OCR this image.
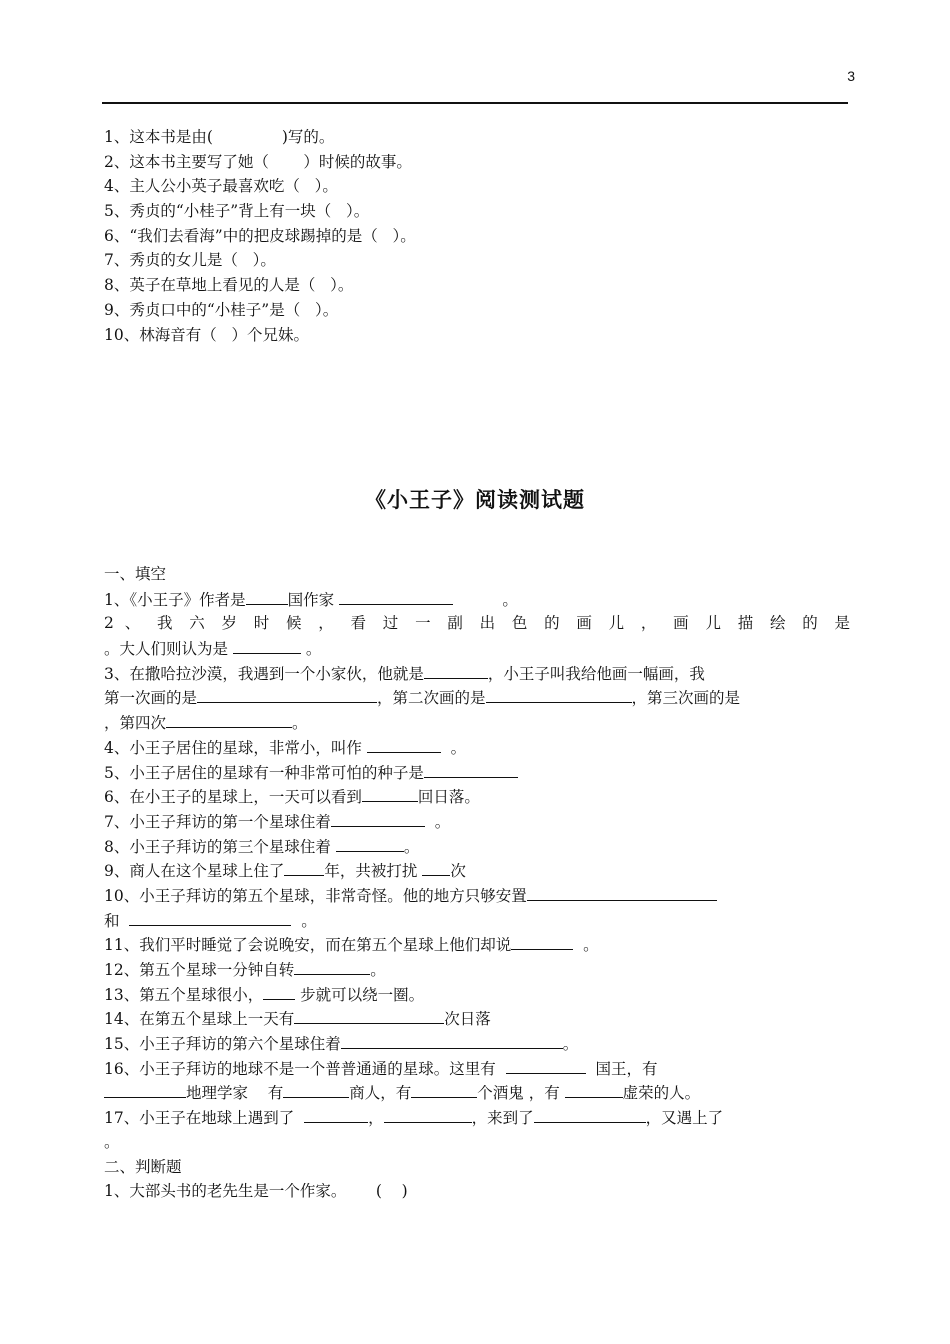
3
1、这本书是由(              )写的。
2、这本书主要写了她（       ）时候的故事。
4、主人公小英子最喜欢吃（   ）。
5、秀贞的“小桂子”背上有一块（   ）。
6、“我们去看海”中的把皮球踢掉的是（   ）。
7、秀贞的女儿是（   ）。
8、英子在草地上看见的人是（   ）。
9、秀贞口中的“小桂子”是（   ）。
10、林海音有（   ）个兄妹。
《小王子》阅读测试题
一、填空
1、《小王子》作者是	国作家	。
2 、 我 六 岁 时 候 ， 看 过 一 副 出 色 的 画 儿 ， 画 儿 描 绘 的 是
。大人们则认为是	。
3、在撒哈拉沙漠，我遇到一个小家伙，他就是	，小王子叫我给他画一幅画，我
第一次画的是	，第二次画的是	，第三次画的是
，第四次	。
4、小王子居住的星球，非常小，叫作	。
5、小王子居住的星球有一种非常可怕的种子是
6、在小王子的星球上，一天可以看到	回日落。
7、小王子拜访的第一个星球住着	。
8、小王子拜访的第三个星球住着	。
9、商人在这个星球上住了	年，共被打扰 次
10、小王子拜访的第五个星球，非常奇怪。他的地方只够安置
和	。
11、我们平时睡觉了会说晚安，而在第五个星球上他们却说	。
12、第五个星球一分钟自转	。
13、第五个星球很小， 步就可以绕一圈。
14、在第五个星球上一天有	次日落
15、小王子拜访的第六个星球住着	。
16、小王子拜访的地球不是一个普普通通的星球。这里有	国王，有
地理学家 有	商人，有	个酒鬼 ，有	虚荣的人。
17、小王子在地球上遇到了	，	，来到了	，又遇上了
。
二、判断题
1、大部头书的老先生是一个作家。      (    )
